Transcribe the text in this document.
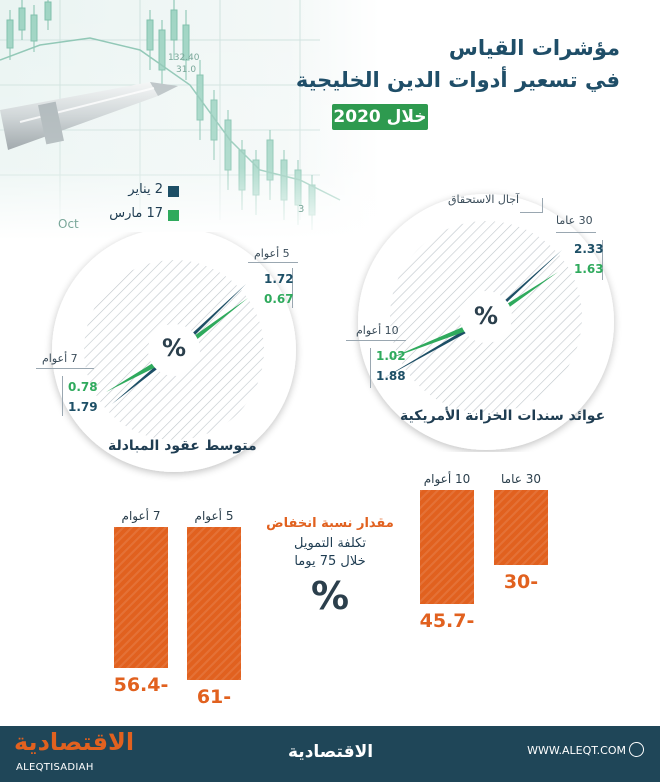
132.40
31.0
Oct
3
مؤشرات القياس
في تسعير أدوات الدين الخليجية
خلال 2020
2 يناير
17 مارس
%
آجال الاستحقاق
30 عاما
2.33
1.63
10 أعوام
1.02
1.88
عوائد سندات الخزانة الأمريكية
%
5 أعوام
1.72
0.67
7 أعوام
0.78
1.79
متوسط عقود المبادلة
7 أعوام
56.4-
5 أعوام
61-
10 أعوام
45.7-
30 عاما
30-
مقدار نسبة انخفاض
تكلفة التمويل
خلال 75 يوما
%
الاقتصادية
ALEQTISADIAH
الاقتصادية	WWW.ALEQT.COM
